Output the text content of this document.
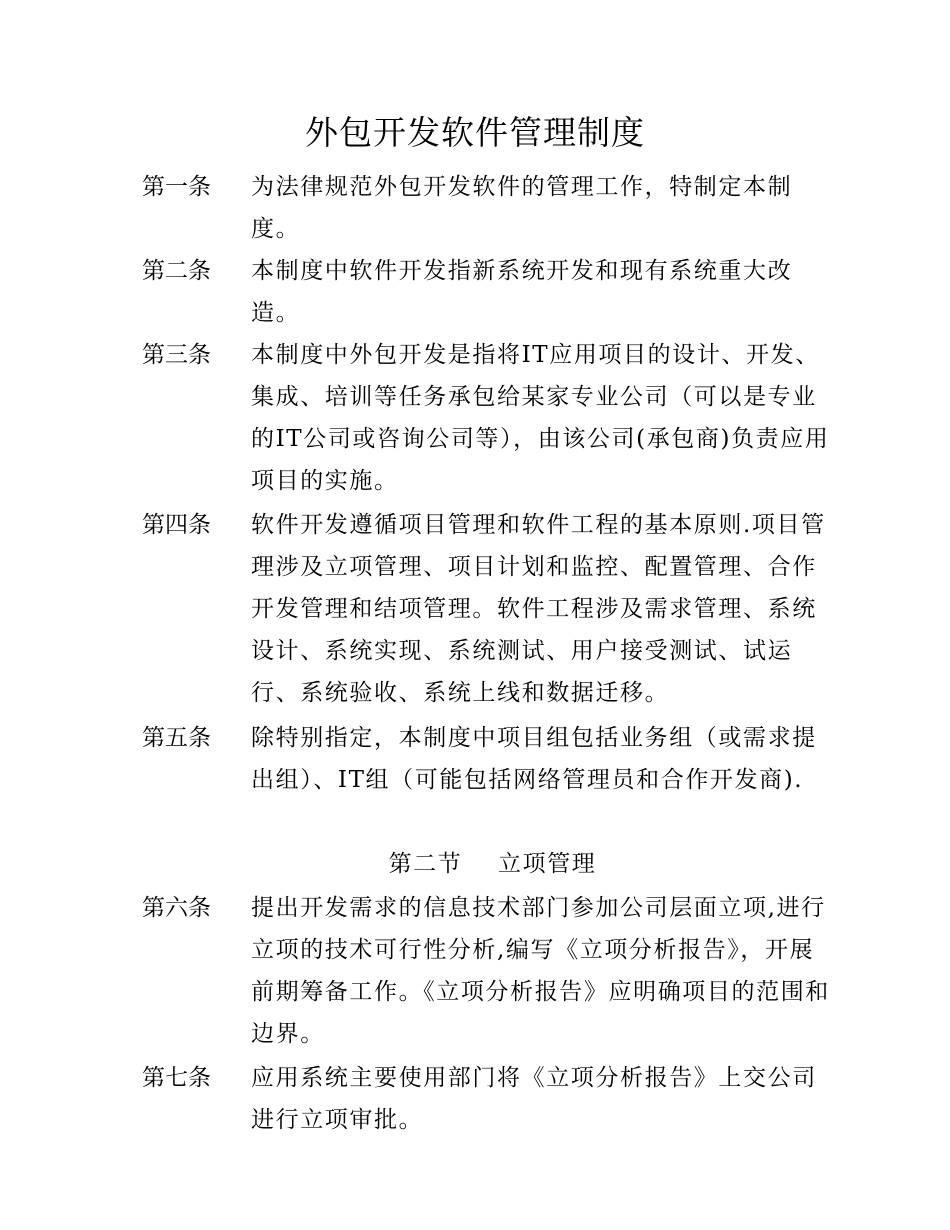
外包开发软件管理制度
第一条 为法律规范外包开发软件的管理工作，特制定本制度。
第二条 本制度中软件开发指新系统开发和现有系统重大改造。
第三条 本制度中外包开发是指将IT应用项目的设计、开发、集成、培训等任务承包给某家专业公司（可以是专业的IT公司或咨询公司等），由该公司(承包商)负责应用项目的实施。
第四条 软件开发遵循项目管理和软件工程的基本原则.项目管理涉及立项管理、项目计划和监控、配置管理、合作开发管理和结项管理。软件工程涉及需求管理、系统设计、系统实现、系统测试、用户接受测试、试运行、系统验收、系统上线和数据迁移。
第五条 除特别指定，本制度中项目组包括业务组（或需求提出组）、IT组（可能包括网络管理员和合作开发商).
第二节    立项管理
第六条 提出开发需求的信息技术部门参加公司层面立项,进行立项的技术可行性分析,编写《立项分析报告》，开展前期筹备工作。《立项分析报告》应明确项目的范围和边界。
第七条 应用系统主要使用部门将《立项分析报告》上交公司进行立项审批。
